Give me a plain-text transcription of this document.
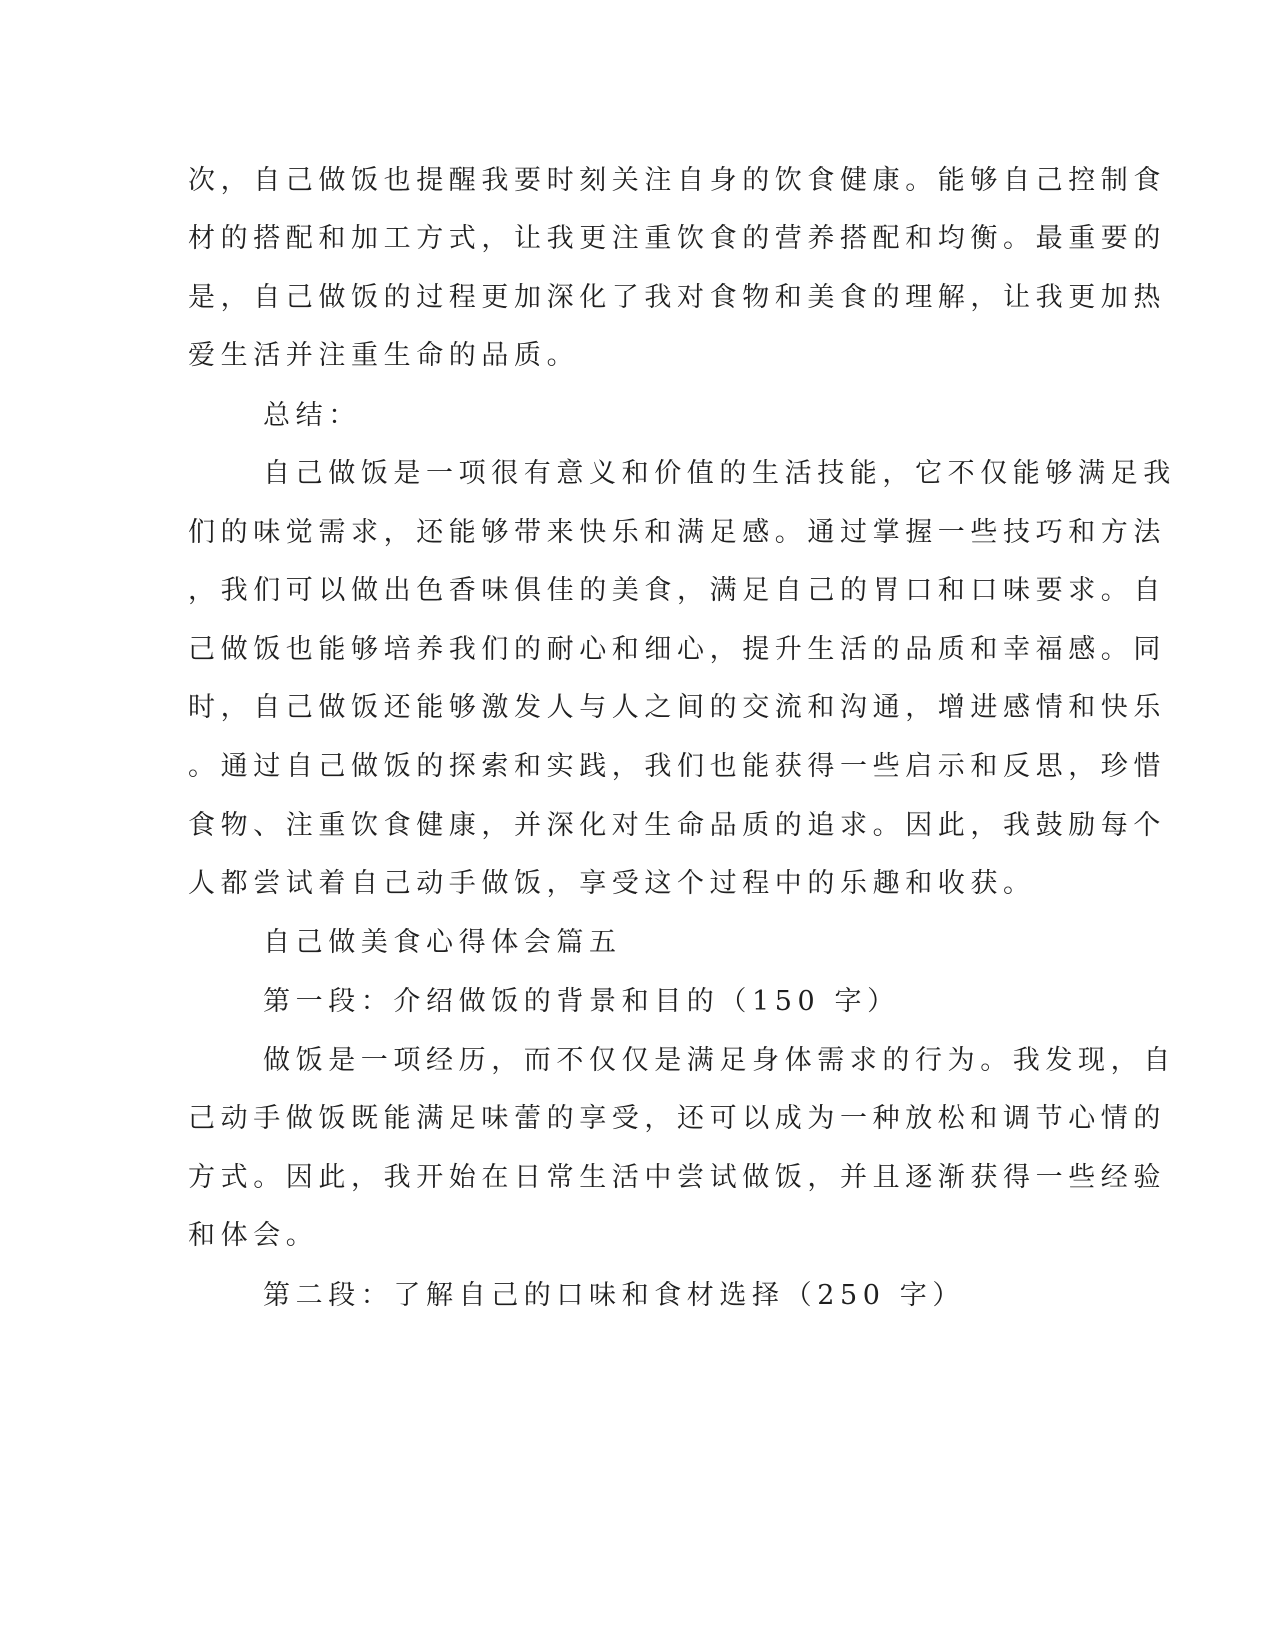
次，自己做饭也提醒我要时刻关注自身的饮食健康。能够自己控制食

材的搭配和加工方式，让我更注重饮食的营养搭配和均衡。最重要的

是，自己做饭的过程更加深化了我对食物和美食的理解，让我更加热

爱生活并注重生命的品质。

总结：

自己做饭是一项很有意义和价值的生活技能，它不仅能够满足我

们的味觉需求，还能够带来快乐和满足感。通过掌握一些技巧和方法

，我们可以做出色香味俱佳的美食，满足自己的胃口和口味要求。自

己做饭也能够培养我们的耐心和细心，提升生活的品质和幸福感。同

时，自己做饭还能够激发人与人之间的交流和沟通，增进感情和快乐

。通过自己做饭的探索和实践，我们也能获得一些启示和反思，珍惜

食物、注重饮食健康，并深化对生命品质的追求。因此，我鼓励每个

人都尝试着自己动手做饭，享受这个过程中的乐趣和收获。

自己做美食心得体会篇五

第一段：介绍做饭的背景和目的（150 字）

做饭是一项经历，而不仅仅是满足身体需求的行为。我发现，自

己动手做饭既能满足味蕾的享受，还可以成为一种放松和调节心情的

方式。因此，我开始在日常生活中尝试做饭，并且逐渐获得一些经验

和体会。

第二段：了解自己的口味和食材选择（250 字）
